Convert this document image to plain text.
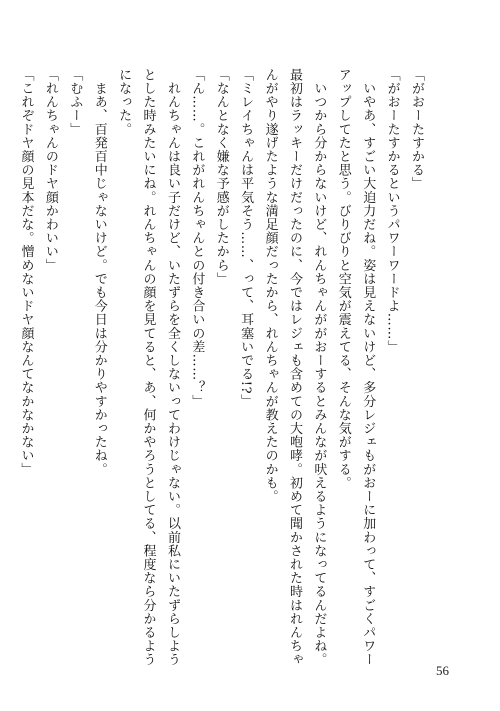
「がおーたすかる」
「がおーたすかるというパワーワードよ……」
　いやあ、すごい大迫力だね。姿は見えないけど、多分レジェもがおーに加わって、すごくパワー
アップしてたと思う。びりびりと空気が震えてる、そんな気がする。
　いつから分からないけど、れんちゃんががおーするとみんなが吠えるようになってるんだよね。
最初はラッキーだけだったのに、今ではレジェも含めての大咆哮。初めて聞かされた時はれんちゃ
んがやり遂げたような満足顔だったから、れんちゃんが教えたのかも。
「ミレイちゃんは平気そう……、って、耳塞いでる!?」
「なんとなく嫌な予感がしたから」
「ん……。これがれんちゃんとの付き合いの差……？」
　れんちゃんは良い子だけど、いたずらを全くしないってわけじゃない。以前私にいたずらしよう
とした時みたいにね。れんちゃんの顔を見てると、あ、何かやろうとしてる、程度なら分かるよう
になった。
　まあ、百発百中じゃないけど。でも今日は分かりやすかったね。
「むふー」
「れんちゃんのドヤ顔かわいい」
「これぞドヤ顔の見本だな。憎めないドヤ顔なんてなかなかない」
56
